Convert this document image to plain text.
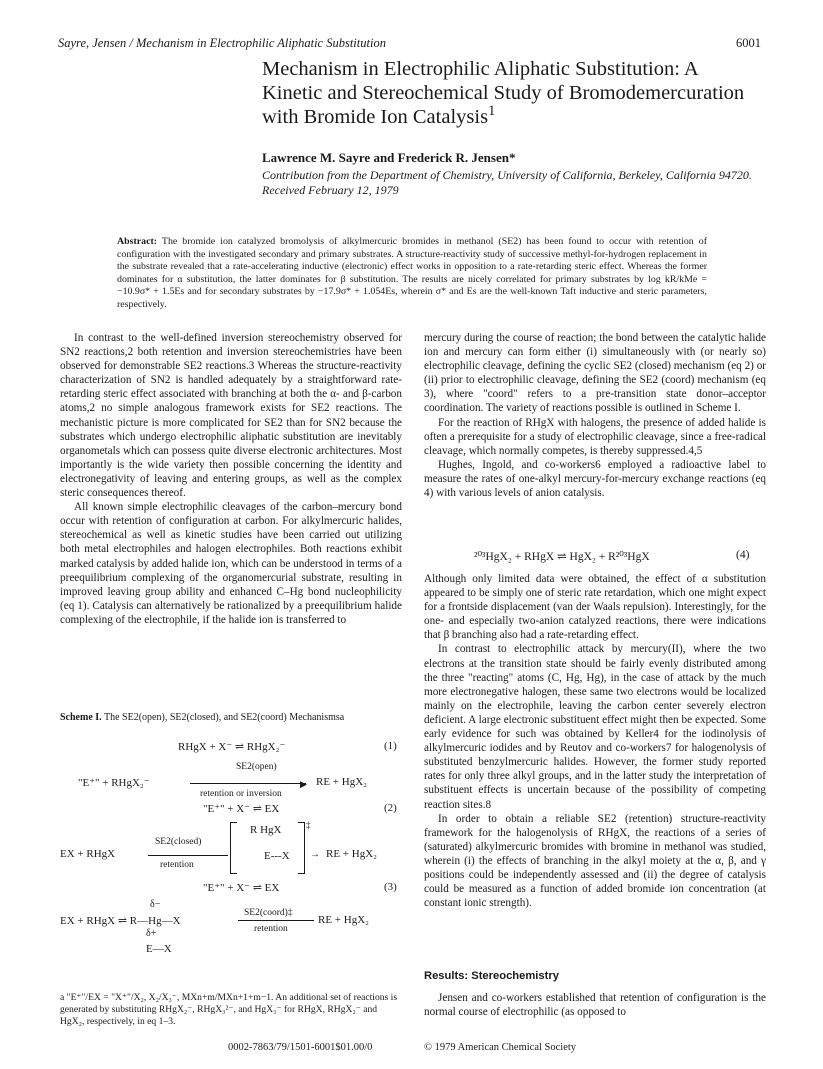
Sayre, Jensen / Mechanism in Electrophilic Aliphatic Substitution	6001
Mechanism in Electrophilic Aliphatic Substitution: A Kinetic and Stereochemical Study of Bromodemercuration with Bromide Ion Catalysis$^1$
Lawrence M. Sayre and Frederick R. Jensen*
Contribution from the Department of Chemistry, University of California, Berkeley, California 94720. Received February 12, 1979
Abstract: The bromide ion catalyzed bromolysis of alkylmercuric bromides in methanol (SE2) has been found to occur with retention of configuration with the investigated secondary and primary substrates. A structure-reactivity study of successive methyl-for-hydrogen replacement in the substrate revealed that a rate-accelerating inductive (electronic) effect works in opposition to a rate-retarding steric effect. Whereas the former dominates for α substitution, the latter dominates for β substitution. The results are nicely correlated for primary substrates by log kR/kMe = −10.9σ* + 1.5Es and for secondary substrates by −17.9σ* + 1.054Es, wherein σ* and Es are the well-known Taft inductive and steric parameters, respectively.

In contrast to the well-defined inversion stereochemistry observed for SN2 reactions,2 both retention and inversion stereochemistries have been observed for demonstrable SE2 reactions.3 Whereas the structure-reactivity characterization of SN2 is handled adequately by a straightforward rate-retarding steric effect associated with branching at both the α- and β-carbon atoms,2 no simple analogous framework exists for SE2 reactions. The mechanistic picture is more complicated for SE2 than for SN2 because the substrates which undergo electrophilic aliphatic substitution are inevitably organometals which can possess quite diverse electronic architectures. Most importantly is the wide variety then possible concerning the identity and electronegativity of leaving and entering groups, as well as the complex steric consequences thereof.

All known simple electrophilic cleavages of the carbon–mercury bond occur with retention of configuration at carbon. For alkylmercuric halides, stereochemical as well as kinetic studies have been carried out utilizing both metal electrophiles and halogen electrophiles. Both reactions exhibit marked catalysis by added halide ion, which can be understood in terms of a preequilibrium complexing of the organomercurial substrate, resulting in improved leaving group ability and enhanced C–Hg bond nucleophilicity (eq 1). Catalysis can alternatively be rationalized by a preequilibrium halide complexing of the electrophile, if the halide ion is transferred to

Scheme I. The SE2(open), SE2(closed), and SE2(coord) Mechanismsa
RHgX + X⁻ ⇌ RHgX₂⁻	(1)
SE2(open)
"E⁺" + RHgX₂⁻	▶ RE + HgX₂
retention or inversion
"E⁺" + X⁻ ⇌ EX	(2)
SE2(closed)
EX + RHgX
retention
R HgX
E---X
‡
→ RE + HgX₂
"E⁺" + X⁻ ⇌ EX	(3)
δ−
EX + RHgX ⇌ R—Hg—X
SE2(coord)‡
retention
RE + HgX₂
δ+
E—X
a "E⁺"/EX = "X⁺"/X₂, X₂/X₃⁻, MXn+m/MXn+1+m−1. An additional set of reactions is generated by substituting RHgX₂⁻, RHgX₃²⁻, and HgX₃⁻ for RHgX, RHgX₂⁻ and HgX₂, respectively, in eq 1–3.

mercury during the course of reaction; the bond between the catalytic halide ion and mercury can form either (i) simultaneously with (or nearly so) electrophilic cleavage, defining the cyclic SE2 (closed) mechanism (eq 2) or (ii) prior to electrophilic cleavage, defining the SE2 (coord) mechanism (eq 3), where "coord" refers to a pre-transition state donor–acceptor coordination. The variety of reactions possible is outlined in Scheme I.

For the reaction of RHgX with halogens, the presence of added halide is often a prerequisite for a study of electrophilic cleavage, since a free-radical cleavage, which normally competes, is thereby suppressed.4,5

Hughes, Ingold, and co-workers6 employed a radioactive label to measure the rates of one-alkyl mercury-for-mercury exchange reactions (eq 4) with various levels of anion catalysis.

²⁰³HgX₂ + RHgX ⇌ HgX₂ + R²⁰³HgX	(4)

Although only limited data were obtained, the effect of α substitution appeared to be simply one of steric rate retardation, which one might expect for a frontside displacement (van der Waals repulsion). Interestingly, for the one- and especially two-anion catalyzed reactions, there were indications that β branching also had a rate-retarding effect.

In contrast to electrophilic attack by mercury(II), where the two electrons at the transition state should be fairly evenly distributed among the three "reacting" atoms (C, Hg, Hg), in the case of attack by the much more electronegative halogen, these same two electrons would be localized mainly on the electrophile, leaving the carbon center severely electron deficient. A large electronic substituent effect might then be expected. Some early evidence for such was obtained by Keller4 for the iodinolysis of alkylmercuric iodides and by Reutov and co-workers7 for halogenolysis of substituted benzylmercuric halides. However, the former study reported rates for only three alkyl groups, and in the latter study the interpretation of substituent effects is uncertain because of the possibility of competing reaction sites.8

In order to obtain a reliable SE2 (retention) structure-reactivity framework for the halogenolysis of RHgX, the reactions of a series of (saturated) alkylmercuric bromides with bromine in methanol was studied, wherein (i) the effects of branching in the alkyl moiety at the α, β, and γ positions could be independently assessed and (ii) the degree of catalysis could be measured as a function of added bromide ion concentration (at constant ionic strength).

Results: Stereochemistry

Jensen and co-workers established that retention of configuration is the normal course of electrophilic (as opposed to

0002-7863/79/1501-6001$01.00/0	© 1979 American Chemical Society
